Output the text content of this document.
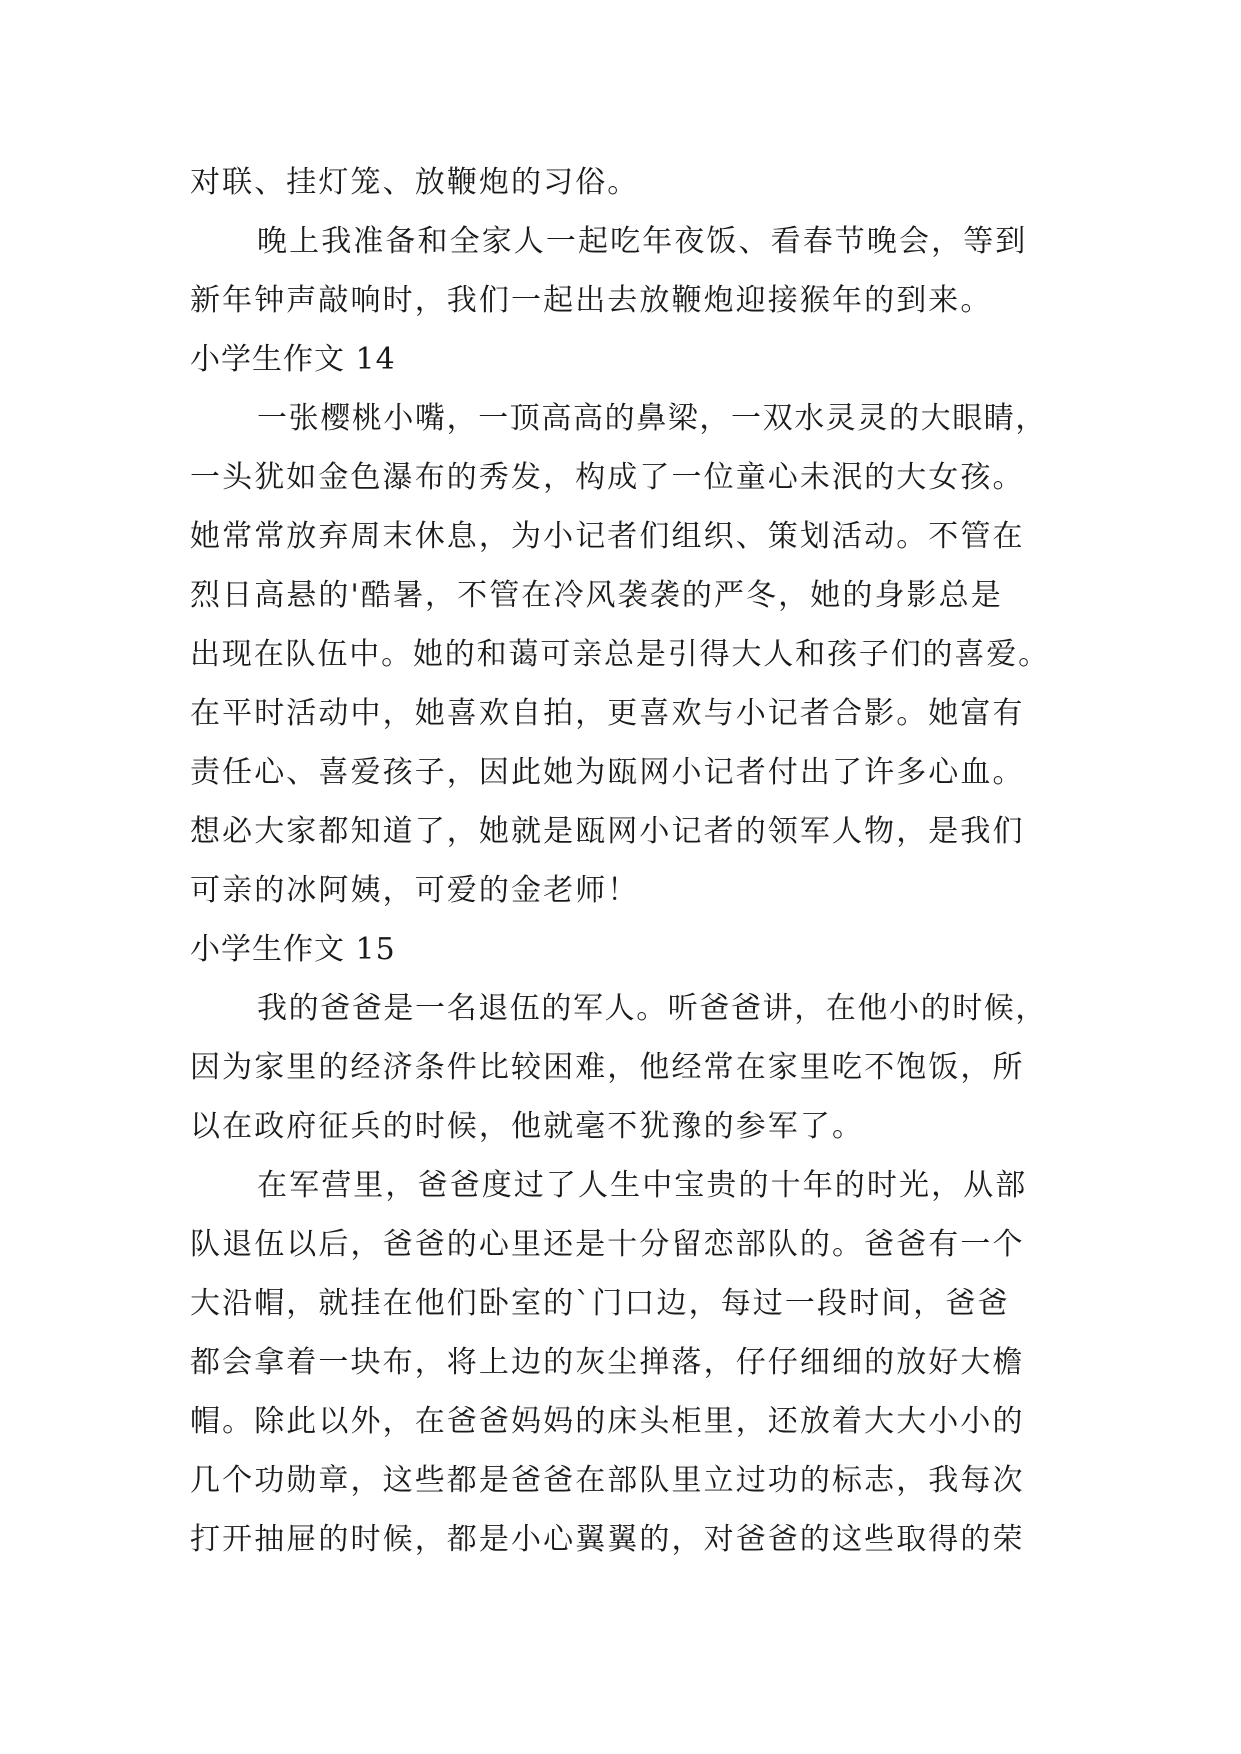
对联、挂灯笼、放鞭炮的习俗。
晚上我准备和全家人一起吃年夜饭、看春节晚会，等到
新年钟声敲响时，我们一起出去放鞭炮迎接猴年的到来。
小学生作文 14
一张樱桃小嘴，一顶高高的鼻梁，一双水灵灵的大眼睛，
一头犹如金色瀑布的秀发，构成了一位童心未泯的大女孩。
她常常放弃周末休息，为小记者们组织、策划活动。不管在
烈日高悬的'酷暑，不管在冷风袭袭的严冬，她的身影总是
出现在队伍中。她的和蔼可亲总是引得大人和孩子们的喜爱。
在平时活动中，她喜欢自拍，更喜欢与小记者合影。她富有
责任心、喜爱孩子，因此她为瓯网小记者付出了许多心血。
想必大家都知道了，她就是瓯网小记者的领军人物，是我们
可亲的冰阿姨，可爱的金老师！
小学生作文 15
我的爸爸是一名退伍的军人。听爸爸讲，在他小的时候，
因为家里的经济条件比较困难，他经常在家里吃不饱饭，所
以在政府征兵的时候，他就毫不犹豫的参军了。
在军营里，爸爸度过了人生中宝贵的十年的时光，从部
队退伍以后，爸爸的心里还是十分留恋部队的。爸爸有一个
大沿帽，就挂在他们卧室的`门口边，每过一段时间，爸爸
都会拿着一块布，将上边的灰尘掸落，仔仔细细的放好大檐
帽。除此以外，在爸爸妈妈的床头柜里，还放着大大小小的
几个功勋章，这些都是爸爸在部队里立过功的标志，我每次
打开抽屉的时候，都是小心翼翼的，对爸爸的这些取得的荣
